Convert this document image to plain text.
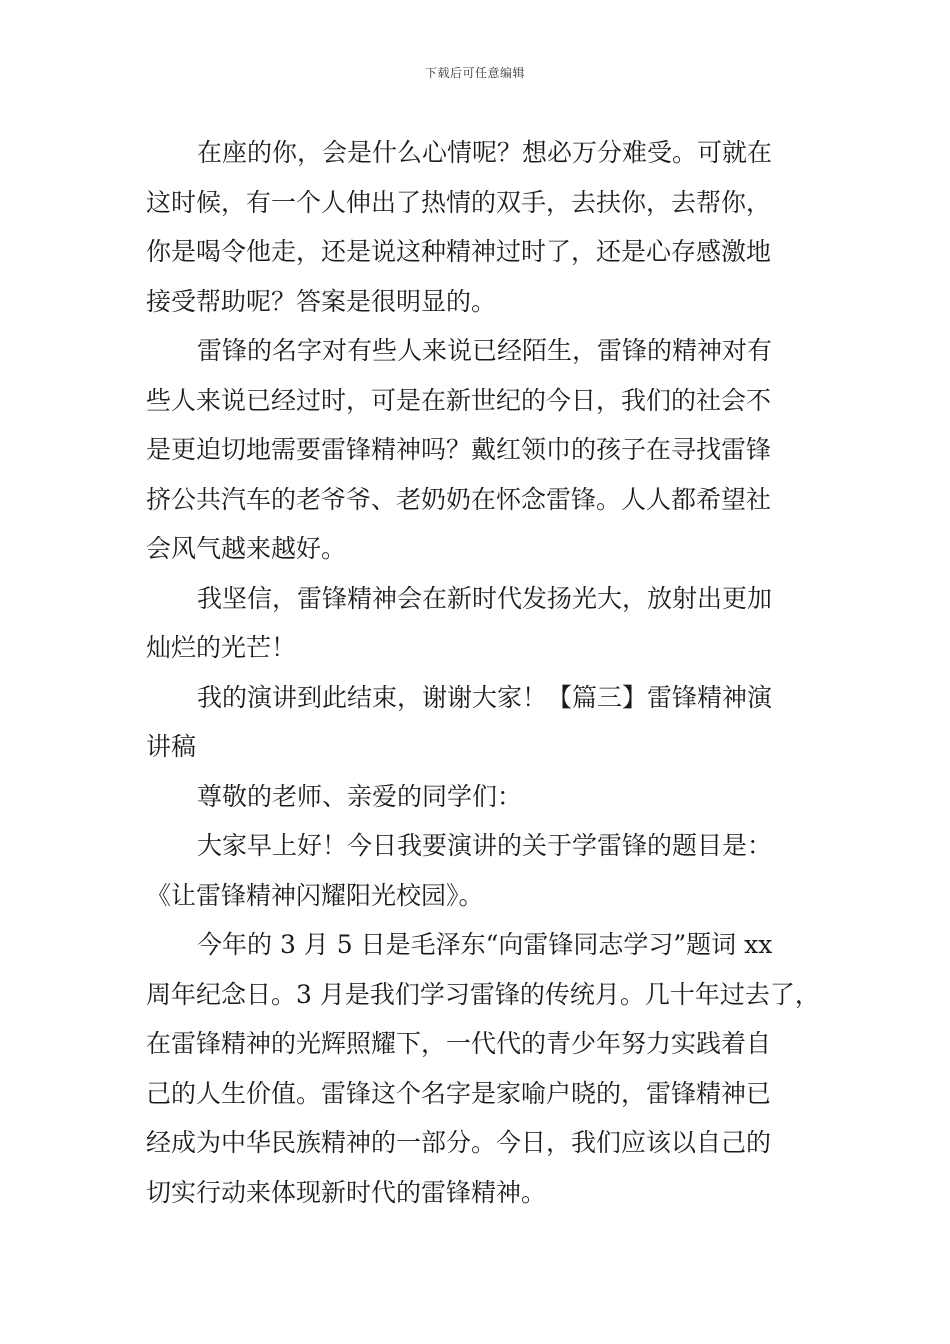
下载后可任意编辑
在座的你，会是什么心情呢？想必万分难受。可就在
这时候，有一个人伸出了热情的双手，去扶你，去帮你，
你是喝令他走，还是说这种精神过时了，还是心存感激地
接受帮助呢？答案是很明显的。
雷锋的名字对有些人来说已经陌生，雷锋的精神对有
些人来说已经过时，可是在新世纪的今日，我们的社会不
是更迫切地需要雷锋精神吗？戴红领巾的孩子在寻找雷锋
挤公共汽车的老爷爷、老奶奶在怀念雷锋。人人都希望社
会风气越来越好。
我坚信，雷锋精神会在新时代发扬光大，放射出更加
灿烂的光芒！
我的演讲到此结束，谢谢大家！【篇三】雷锋精神演
讲稿
尊敬的老师、亲爱的同学们：
大家早上好！今日我要演讲的关于学雷锋的题目是：
《让雷锋精神闪耀阳光校园》。
今年的 3 月 5 日是毛泽东“向雷锋同志学习”题词 xx
周年纪念日。3 月是我们学习雷锋的传统月。几十年过去了，
在雷锋精神的光辉照耀下，一代代的青少年努力实践着自
己的人生价值。雷锋这个名字是家喻户晓的，雷锋精神已
经成为中华民族精神的一部分。今日，我们应该以自己的
切实行动来体现新时代的雷锋精神。
